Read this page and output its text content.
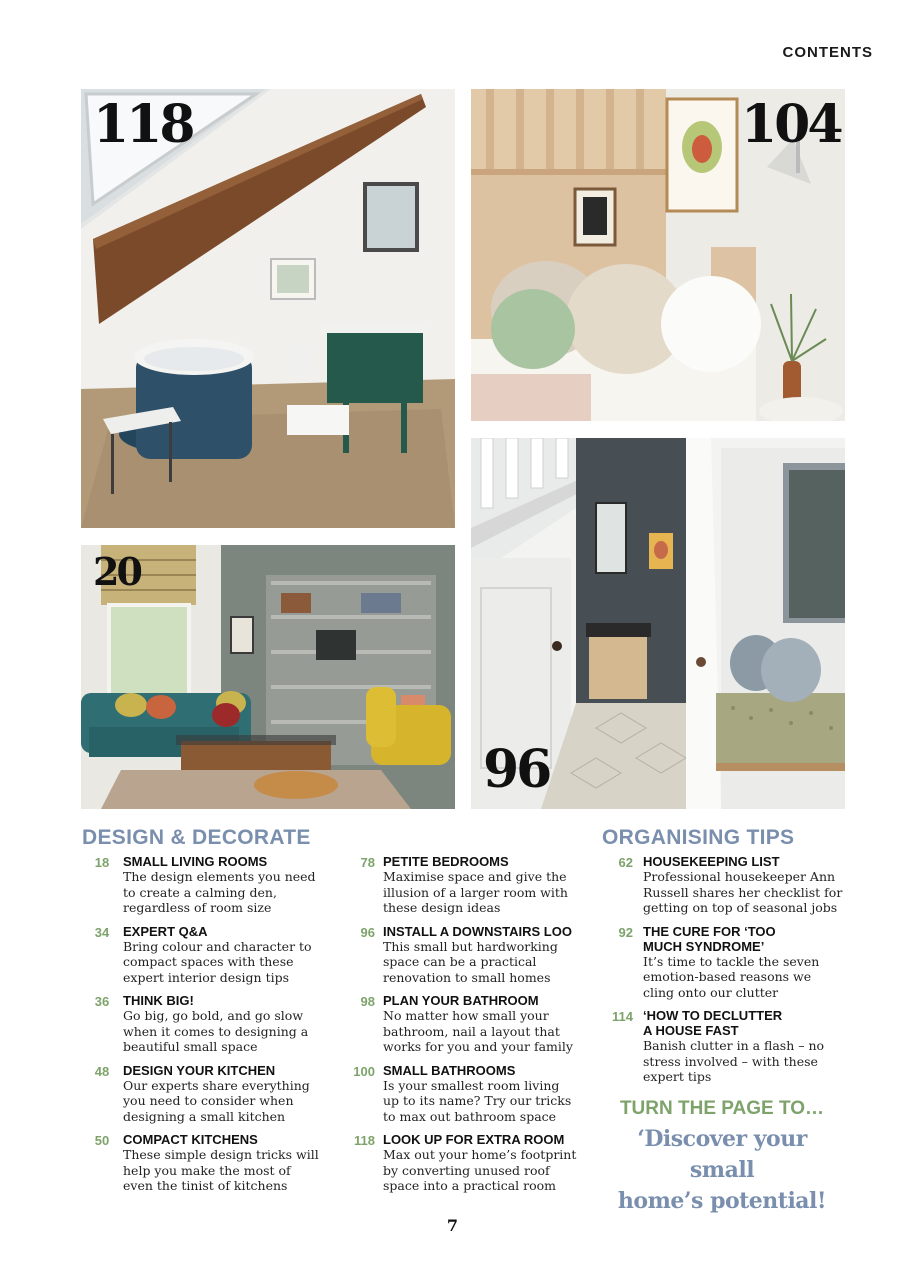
CONTENTS
118	104
20
96
DESIGN & DECORATE
18	SMALL LIVING ROOMS
The design elements you need
to create a calming den,
regardless of room size
34	EXPERT Q&A
Bring colour and character to
compact spaces with these
expert interior design tips
36	THINK BIG!
Go big, go bold, and go slow
when it comes to designing a
beautiful small space
48	DESIGN YOUR KITCHEN
Our experts share everything
you need to consider when
designing a small kitchen
50	COMPACT KITCHENS
These simple design tricks will
help you make the most of
even the tinist of kitchens
78 PETITE BEDROOMS
Maximise space and give the
illusion of a larger room with
these design ideas
96 INSTALL A DOWNSTAIRS LOO
This small but hardworking
space can be a practical
renovation to small homes
98 PLAN YOUR BATHROOM
No matter how small your
bathroom, nail a layout that
works for you and your family
100 SMALL BATHROOMS
Is your smallest room living
up to its name? Try our tricks
to max out bathroom space
118 LOOK UP FOR EXTRA ROOM
Max out your home’s footprint
by converting unused roof
space into a practical room
ORGANISING TIPS
62 HOUSEKEEPING LIST
Professional housekeeper Ann
Russell shares her checklist for
getting on top of seasonal jobs
92 THE CURE FOR ‘TOO
MUCH SYNDROME’
It’s time to tackle the seven
emotion-based reasons we
cling onto our clutter
114 ‘HOW TO DECLUTTER
A HOUSE FAST
Banish clutter in a flash – no
stress involved – with these
expert tips
TURN THE PAGE TO…
‘Discover your small
home’s potential!
7
